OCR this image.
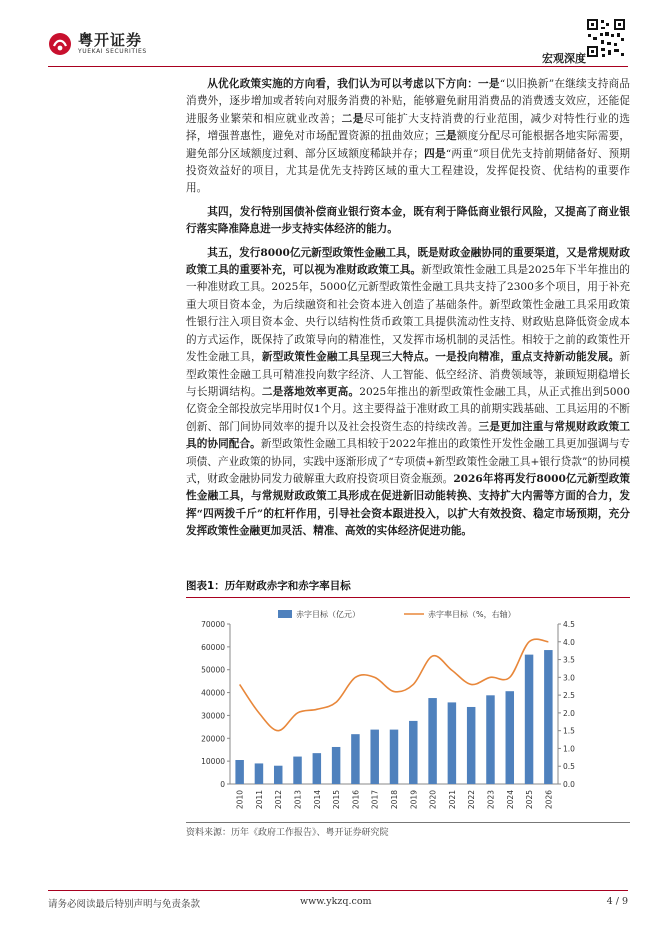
粤开证券
YUEKAI SECURITIES
宏观深度

从优化政策实施的方向看，我们认为可以考虑以下方向：一是“以旧换新”在继续支持商品消费外，逐步增加或者转向对服务消费的补贴，能够避免耐用消费品的消费透支效应，还能促进服务业繁荣和相应就业改善；二是尽可能扩大支持消费的行业范围，减少对特性行业的选择，增强普惠性，避免对市场配置资源的扭曲效应；三是额度分配尽可能根据各地实际需要，避免部分区域额度过剩、部分区域额度稀缺并存；四是“两重”项目优先支持前期储备好、预期投资效益好的项目，尤其是优先支持跨区域的重大工程建设，发挥促投资、优结构的重要作用。

其四，发行特别国债补偿商业银行资本金，既有利于降低商业银行风险，又提高了商业银行落实降准降息进一步支持实体经济的能力。

其五，发行8000亿元新型政策性金融工具，既是财政金融协同的重要渠道，又是常规财政政策工具的重要补充，可以视为准财政政策工具。新型政策性金融工具是2025年下半年推出的一种准财政工具。2025年，5000亿元新型政策性金融工具共支持了2300多个项目，用于补充重大项目资本金，为后续融资和社会资本进入创造了基础条件。新型政策性金融工具采用政策性银行注入项目资本金、央行以结构性货币政策工具提供流动性支持、财政贴息降低资金成本的方式运作，既保持了政策导向的精准性，又发挥市场机制的灵活性。相较于之前的政策性开发性金融工具，新型政策性金融工具呈现三大特点。一是投向精准，重点支持新动能发展。新型政策性金融工具可精准投向数字经济、人工智能、低空经济、消费领域等，兼顾短期稳增长与长期调结构。二是落地效率更高。2025年推出的新型政策性金融工具，从正式推出到5000亿资金全部投放完毕用时仅1个月。这主要得益于准财政工具的前期实践基础、工具运用的不断创新、部门间协同效率的提升以及社会投资生态的持续改善。三是更加注重与常规财政政策工具的协同配合。新型政策性金融工具相较于2022年推出的政策性开发性金融工具更加强调与专项债、产业政策的协同，实践中逐渐形成了“专项债+新型政策性金融工具+银行贷款”的协同模式，财政金融协同发力破解重大政府投资项目资金瓶颈。2026年将再发行8000亿元新型政策性金融工具，与常规财政政策工具形成在促进新旧动能转换、支持扩大内需等方面的合力，发挥“四两拨千斤”的杠杆作用，引导社会资本跟进投入，以扩大有效投资、稳定市场预期，充分发挥政策性金融更加灵活、精准、高效的实体经济促进功能。

图表1：历年财政赤字和赤字率目标
0
10000
20000
30000
40000
50000
60000
70000
0.0
0.5
1.0
1.5
2.0
2.5
3.0
3.5
4.0
4.5
2010 2011 2012 2013 2014 2015 2016 2017 2018 2019 2020 2021 2022 2023 2024 2025 2026
赤字目标（亿元）	赤字率目标（%，右轴）
资料来源：历年《政府工作报告》、粤开证券研究院
请务必阅读最后特别声明与免责条款	www.ykzq.com	4 / 9
